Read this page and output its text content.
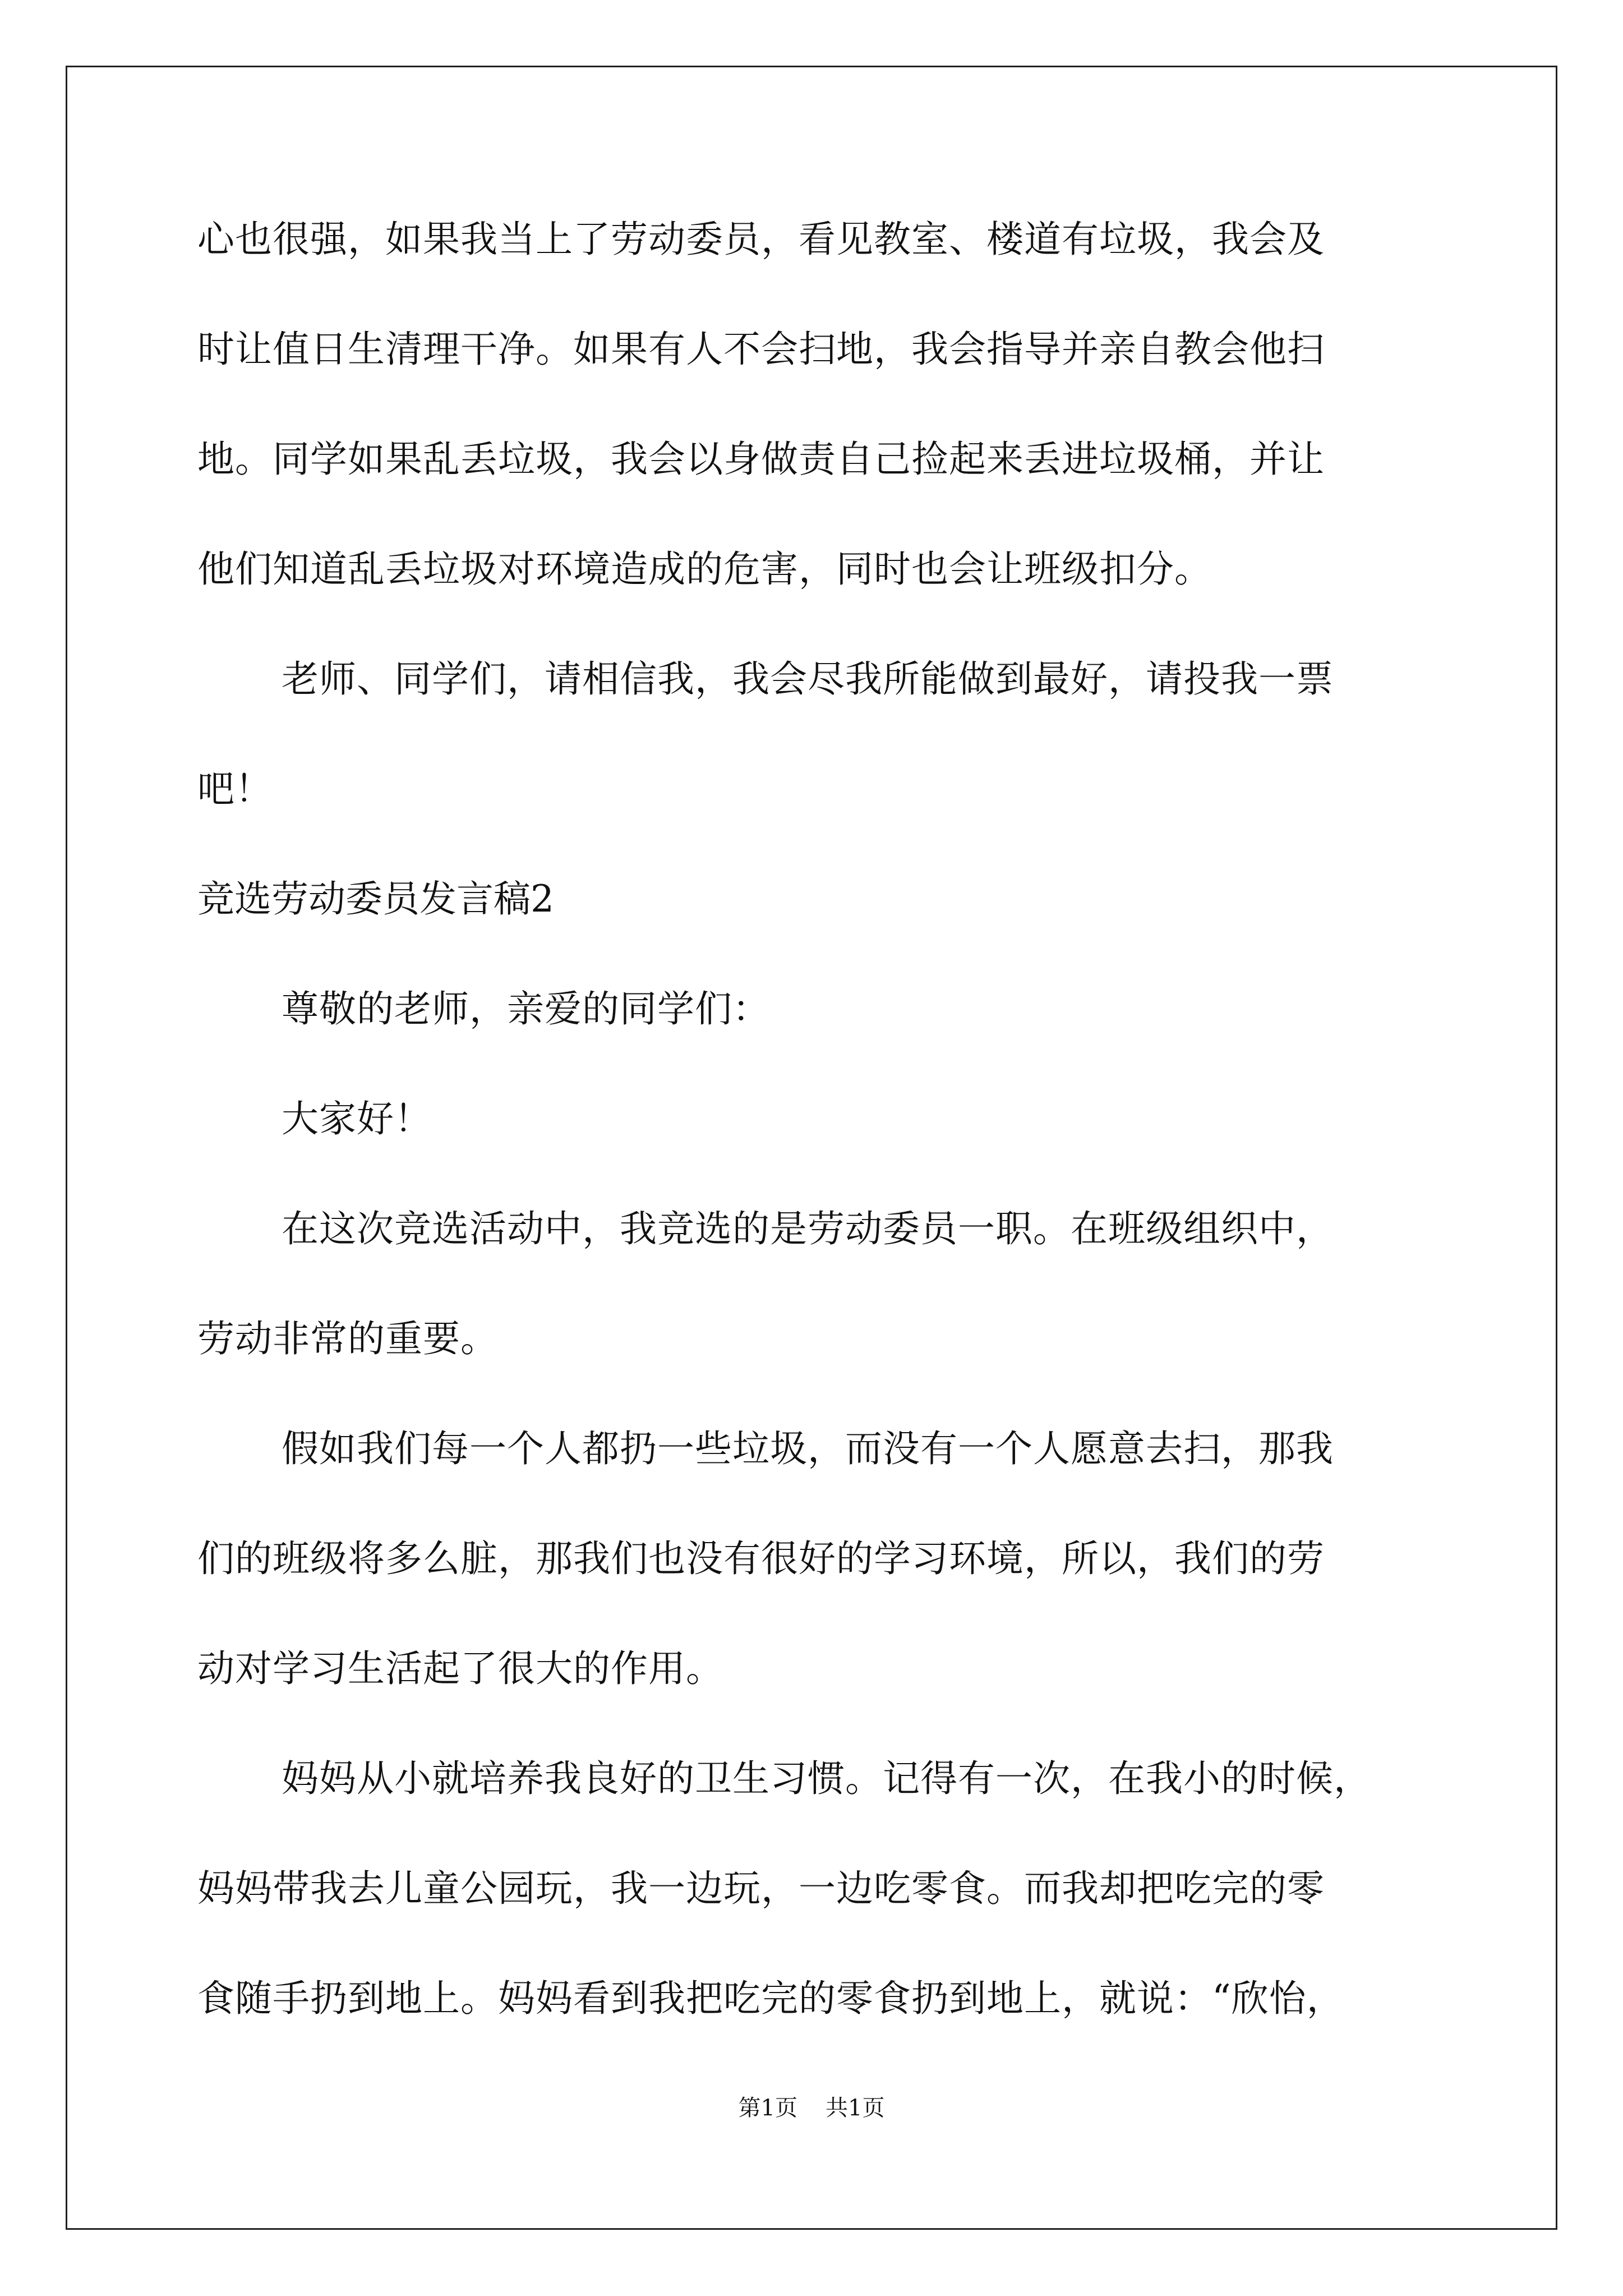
心也很强，如果我当上了劳动委员，看见教室、楼道有垃圾，我会及
时让值日生清理干净。如果有人不会扫地，我会指导并亲自教会他扫
地。同学如果乱丢垃圾，我会以身做责自己捡起来丢进垃圾桶，并让
他们知道乱丢垃圾对环境造成的危害，同时也会让班级扣分。
老师、同学们，请相信我，我会尽我所能做到最好，请投我一票
吧！
竞选劳动委员发言稿2
尊敬的老师，亲爱的同学们：
大家好！
在这次竞选活动中，我竞选的是劳动委员一职。在班级组织中，
劳动非常的重要。
假如我们每一个人都扔一些垃圾，而没有一个人愿意去扫，那我
们的班级将多么脏，那我们也没有很好的学习环境，所以，我们的劳
动对学习生活起了很大的作用。
妈妈从小就培养我良好的卫生习惯。记得有一次，在我小的时候，
妈妈带我去儿童公园玩，我一边玩，一边吃零食。而我却把吃完的零
食随手扔到地上。妈妈看到我把吃完的零食扔到地上，就说：“欣怡，
第1页 共1页
